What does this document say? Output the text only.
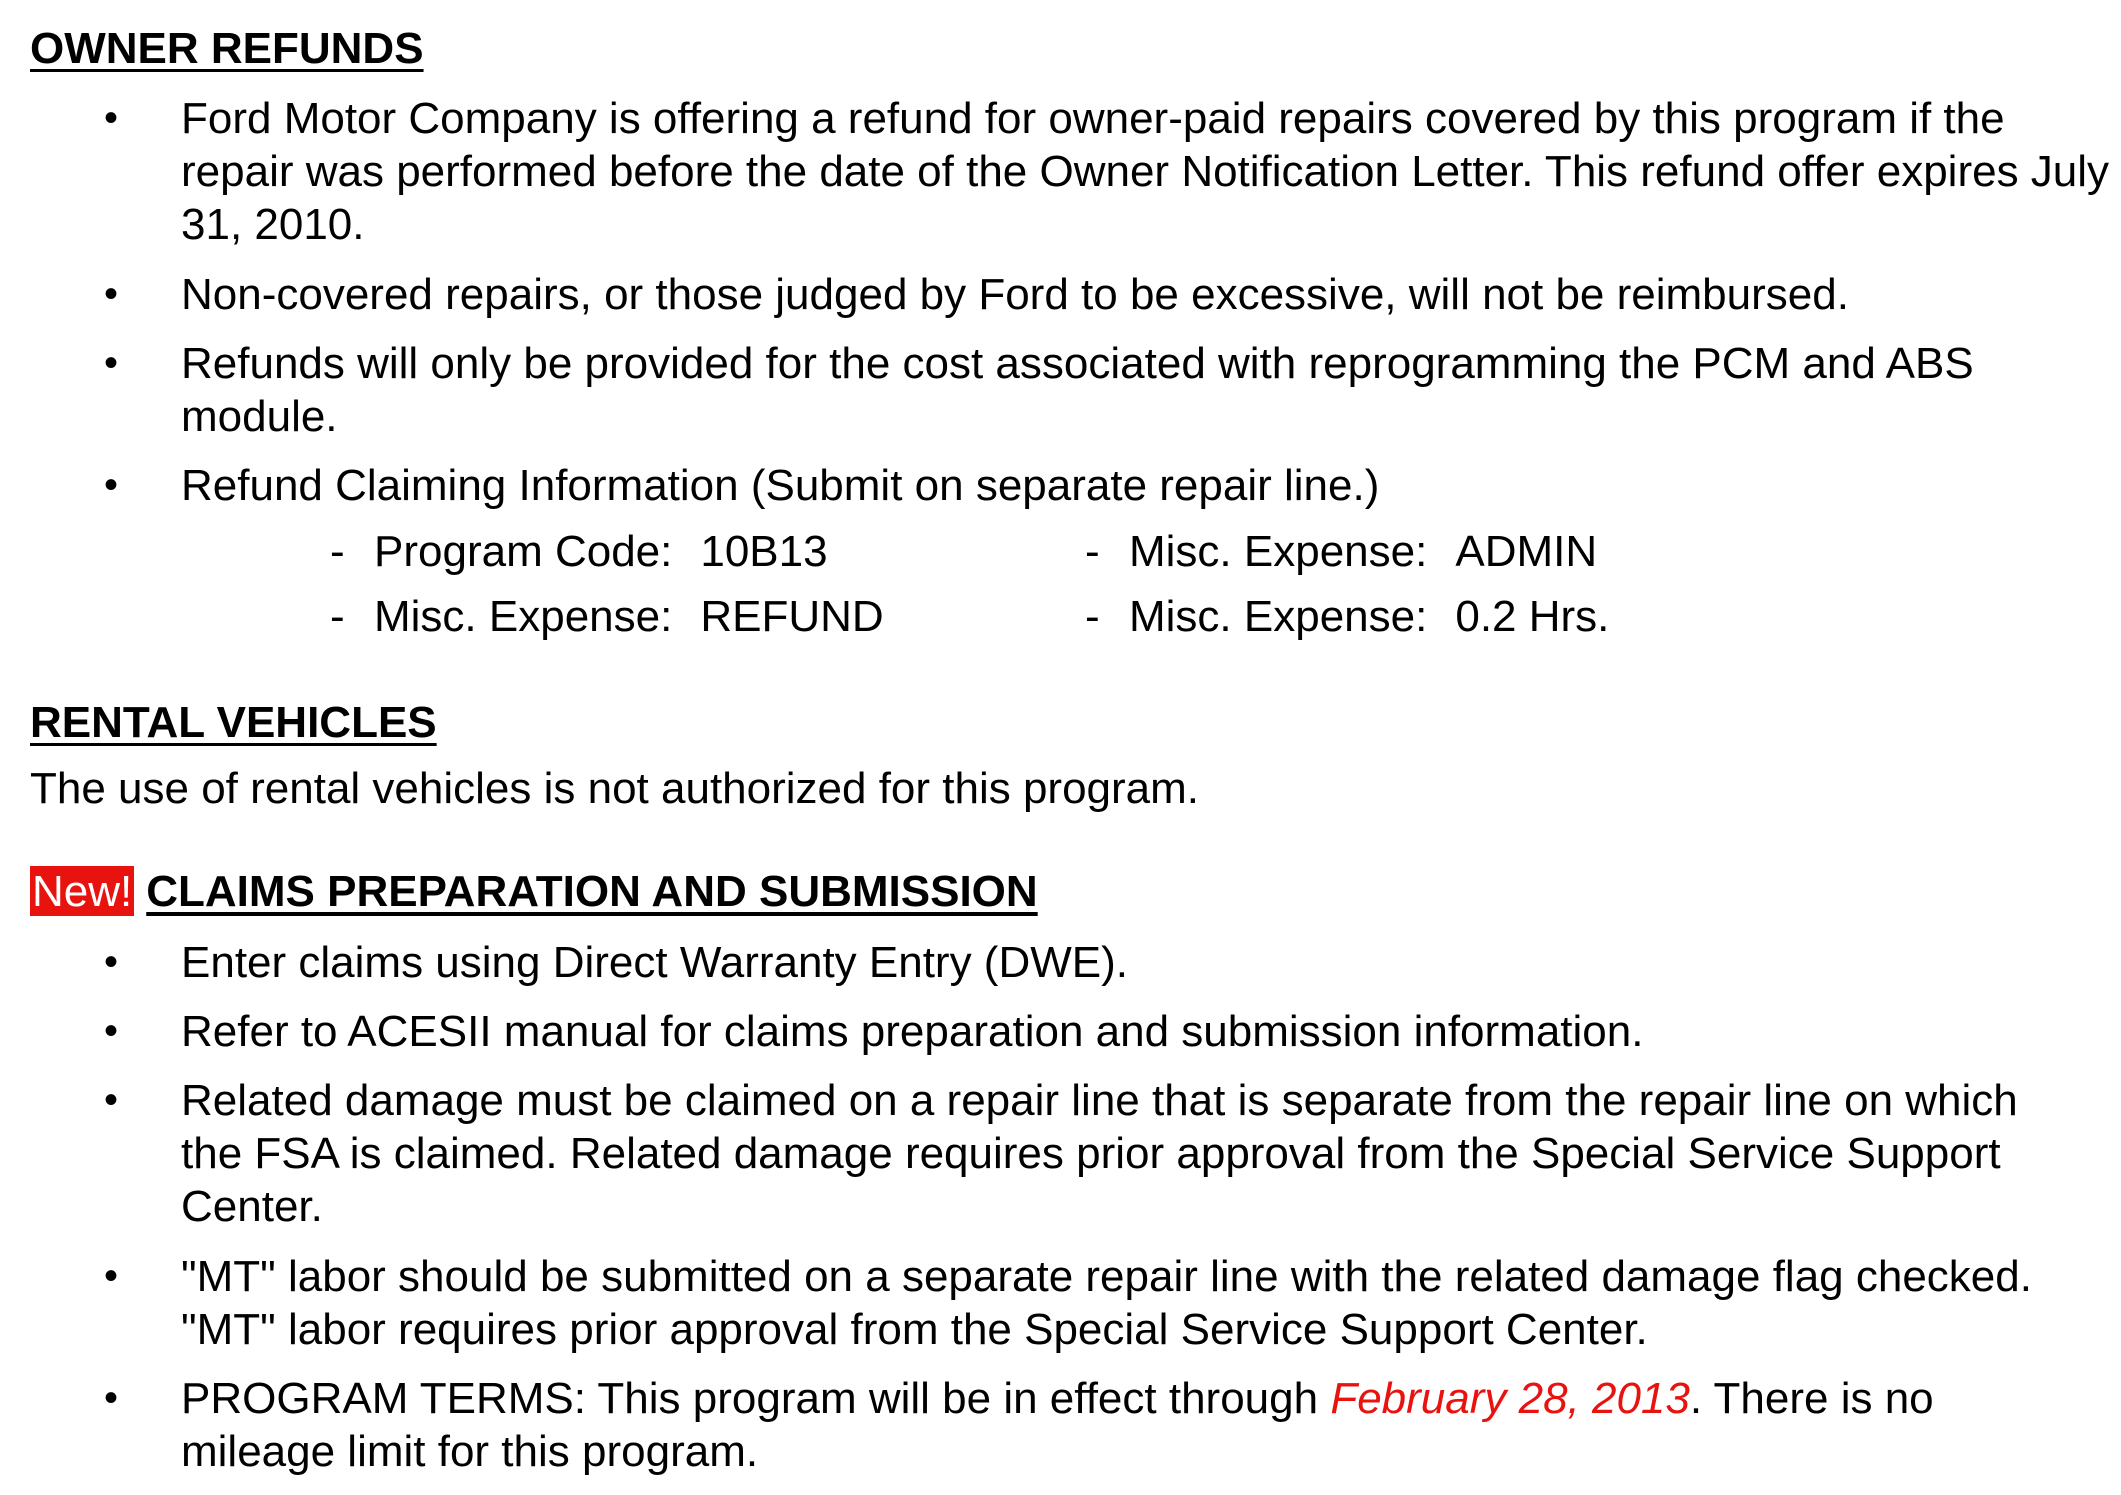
OWNER REFUNDS
• Ford Motor Company is offering a refund for owner-paid repairs covered by this program if the repair was performed before the date of the Owner Notification Letter. This refund offer expires July 31, 2010.
• Non-covered repairs, or those judged by Ford to be excessive, will not be reimbursed.
• Refunds will only be provided for the cost associated with reprogramming the PCM and ABS module.
• Refund Claiming Information (Submit on separate repair line.)
- Program Code: 10B13
- Misc. Expense: REFUND
- Misc. Expense: ADMIN
- Misc. Expense: 0.2 Hrs.
RENTAL VEHICLES
The use of rental vehicles is not authorized for this program.
New! CLAIMS PREPARATION AND SUBMISSION
• Enter claims using Direct Warranty Entry (DWE).
• Refer to ACESII manual for claims preparation and submission information.
• Related damage must be claimed on a repair line that is separate from the repair line on which the FSA is claimed. Related damage requires prior approval from the Special Service Support Center.
• "MT" labor should be submitted on a separate repair line with the related damage flag checked. "MT" labor requires prior approval from the Special Service Support Center.
• PROGRAM TERMS: This program will be in effect through February 28, 2013. There is no mileage limit for this program.
